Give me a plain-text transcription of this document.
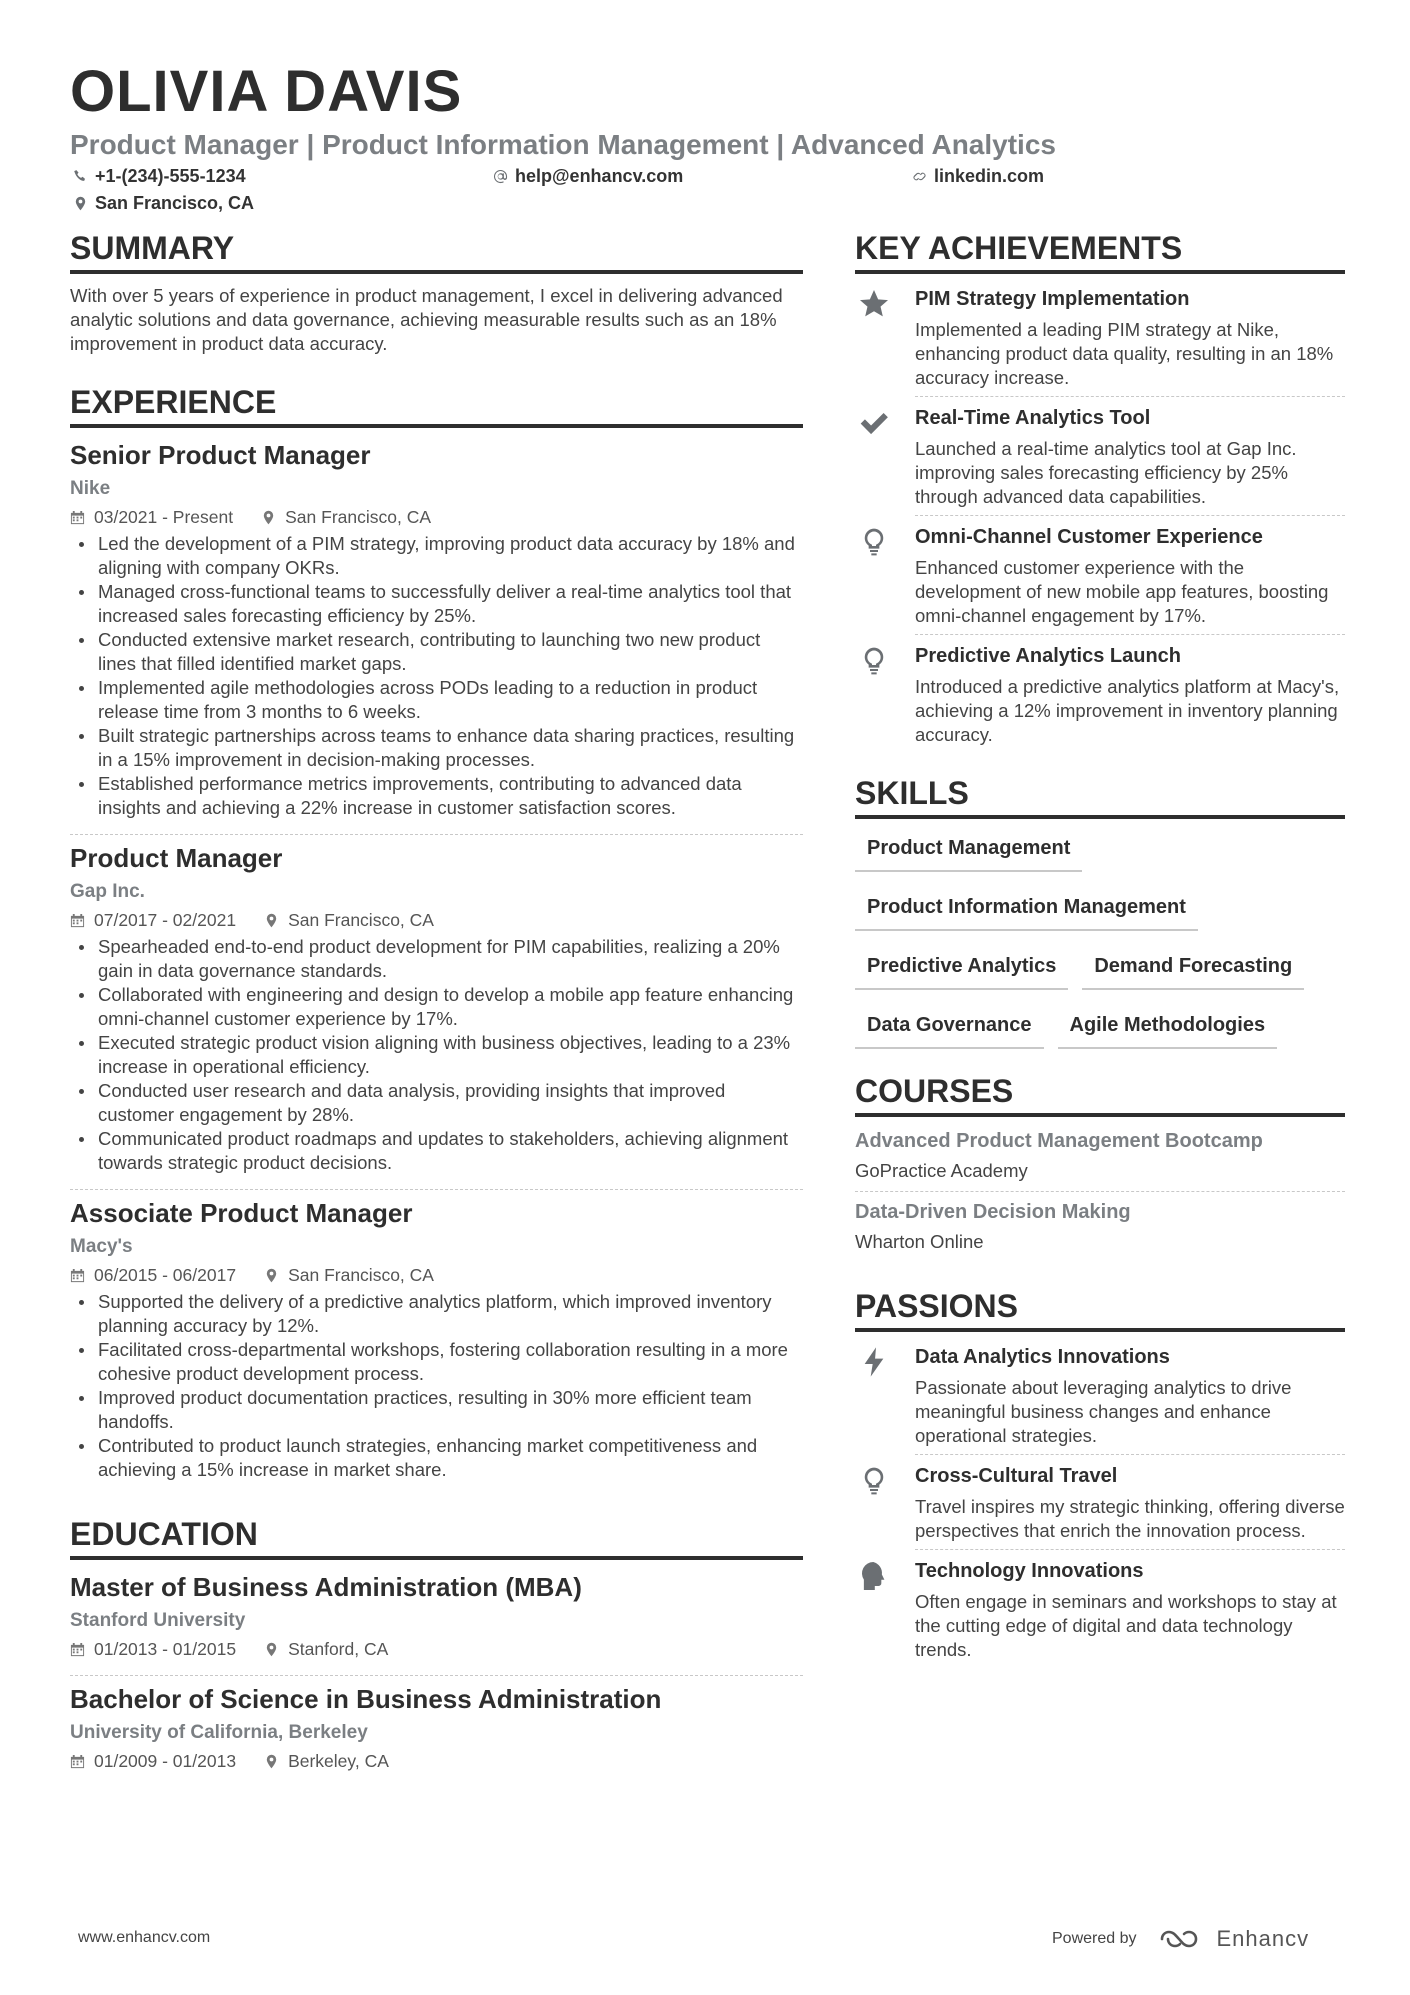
OLIVIA DAVIS
Product Manager | Product Information Management | Advanced Analytics
+1-(234)-555-1234	help@enhancv.com	linkedin.com
San Francisco, CA
SUMMARY

With over 5 years of experience in product management, I excel in delivering advanced analytic solutions and data governance, achieving measurable results such as an 18% improvement in product data accuracy.

EXPERIENCE
Senior Product Manager
Nike
03/2021 - Present	San Francisco, CA
Led the development of a PIM strategy, improving product data accuracy by 18% and aligning with company OKRs.
Managed cross-functional teams to successfully deliver a real-time analytics tool that increased sales forecasting efficiency by 25%.
Conducted extensive market research, contributing to launching two new product lines that filled identified market gaps.
Implemented agile methodologies across PODs leading to a reduction in product release time from 3 months to 6 weeks.
Built strategic partnerships across teams to enhance data sharing practices, resulting in a 15% improvement in decision-making processes.
Established performance metrics improvements, contributing to advanced data insights and achieving a 22% increase in customer satisfaction scores.
Product Manager
Gap Inc.
07/2017 - 02/2021	San Francisco, CA
Spearheaded end-to-end product development for PIM capabilities, realizing a 20% gain in data governance standards.
Collaborated with engineering and design to develop a mobile app feature enhancing omni-channel customer experience by 17%.
Executed strategic product vision aligning with business objectives, leading to a 23% increase in operational efficiency.
Conducted user research and data analysis, providing insights that improved customer engagement by 28%.
Communicated product roadmaps and updates to stakeholders, achieving alignment towards strategic product decisions.
Associate Product Manager
Macy's
06/2015 - 06/2017	San Francisco, CA
Supported the delivery of a predictive analytics platform, which improved inventory planning accuracy by 12%.
Facilitated cross-departmental workshops, fostering collaboration resulting in a more cohesive product development process.
Improved product documentation practices, resulting in 30% more efficient team handoffs.
Contributed to product launch strategies, enhancing market competitiveness and achieving a 15% increase in market share.
EDUCATION
Master of Business Administration (MBA)
Stanford University
01/2013 - 01/2015	Stanford, CA
Bachelor of Science in Business Administration
University of California, Berkeley
01/2009 - 01/2013	Berkeley, CA
KEY ACHIEVEMENTS
PIM Strategy Implementation
Implemented a leading PIM strategy at Nike, enhancing product data quality, resulting in an 18% accuracy increase.
Real-Time Analytics Tool
Launched a real-time analytics tool at Gap Inc. improving sales forecasting efficiency by 25% through advanced data capabilities.
Omni-Channel Customer Experience
Enhanced customer experience with the development of new mobile app features, boosting omni-channel engagement by 17%.
Predictive Analytics Launch
Introduced a predictive analytics platform at Macy's, achieving a 12% improvement in inventory planning accuracy.
SKILLS
Product Management
Product Information Management
Predictive Analytics	Demand Forecasting
Data Governance	Agile Methodologies
COURSES
Advanced Product Management Bootcamp
GoPractice Academy
Data-Driven Decision Making
Wharton Online
PASSIONS
Data Analytics Innovations
Passionate about leveraging analytics to drive meaningful business changes and enhance operational strategies.
Cross-Cultural Travel
Travel inspires my strategic thinking, offering diverse perspectives that enrich the innovation process.
Technology Innovations
Often engage in seminars and workshops to stay at the cutting edge of digital and data technology trends.
www.enhancv.com	Powered by	Enhancv
